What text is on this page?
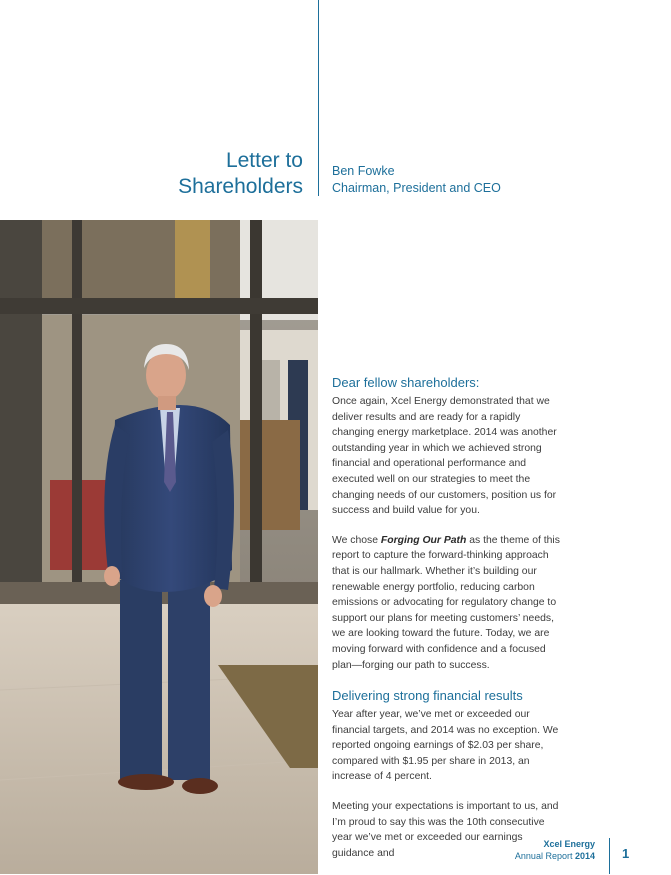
Letter to
Shareholders
Ben Fowke
Chairman, President and CEO
Dear fellow shareholders:

Once again, Xcel Energy demonstrated that we deliver results and are ready for a rapidly changing energy marketplace. 2014 was another outstanding year in which we achieved strong financial and operational performance and executed well on our strategies to meet the changing needs of our customers, position us for success and build value for you.

We chose Forging Our Path as the theme of this report to capture the forward-thinking approach that is our hallmark. Whether it’s building our renewable energy portfolio, reducing carbon emissions or advocating for regulatory change to support our plans for meeting customers’ needs, we are looking toward the future. Today, we are moving forward with confidence and a focused plan—forging our path to success.

Delivering strong financial results

Year after year, we’ve met or exceeded our financial targets, and 2014 was no exception. We reported ongoing earnings of $2.03 per share, compared with $1.95 per share in 2013, an increase of 4 percent.

Meeting your expectations is important to us, and I’m proud to say this was the 10th consecutive year we’ve met or exceeded our earnings guidance and

Xcel Energy
Annual Report 2014 1
